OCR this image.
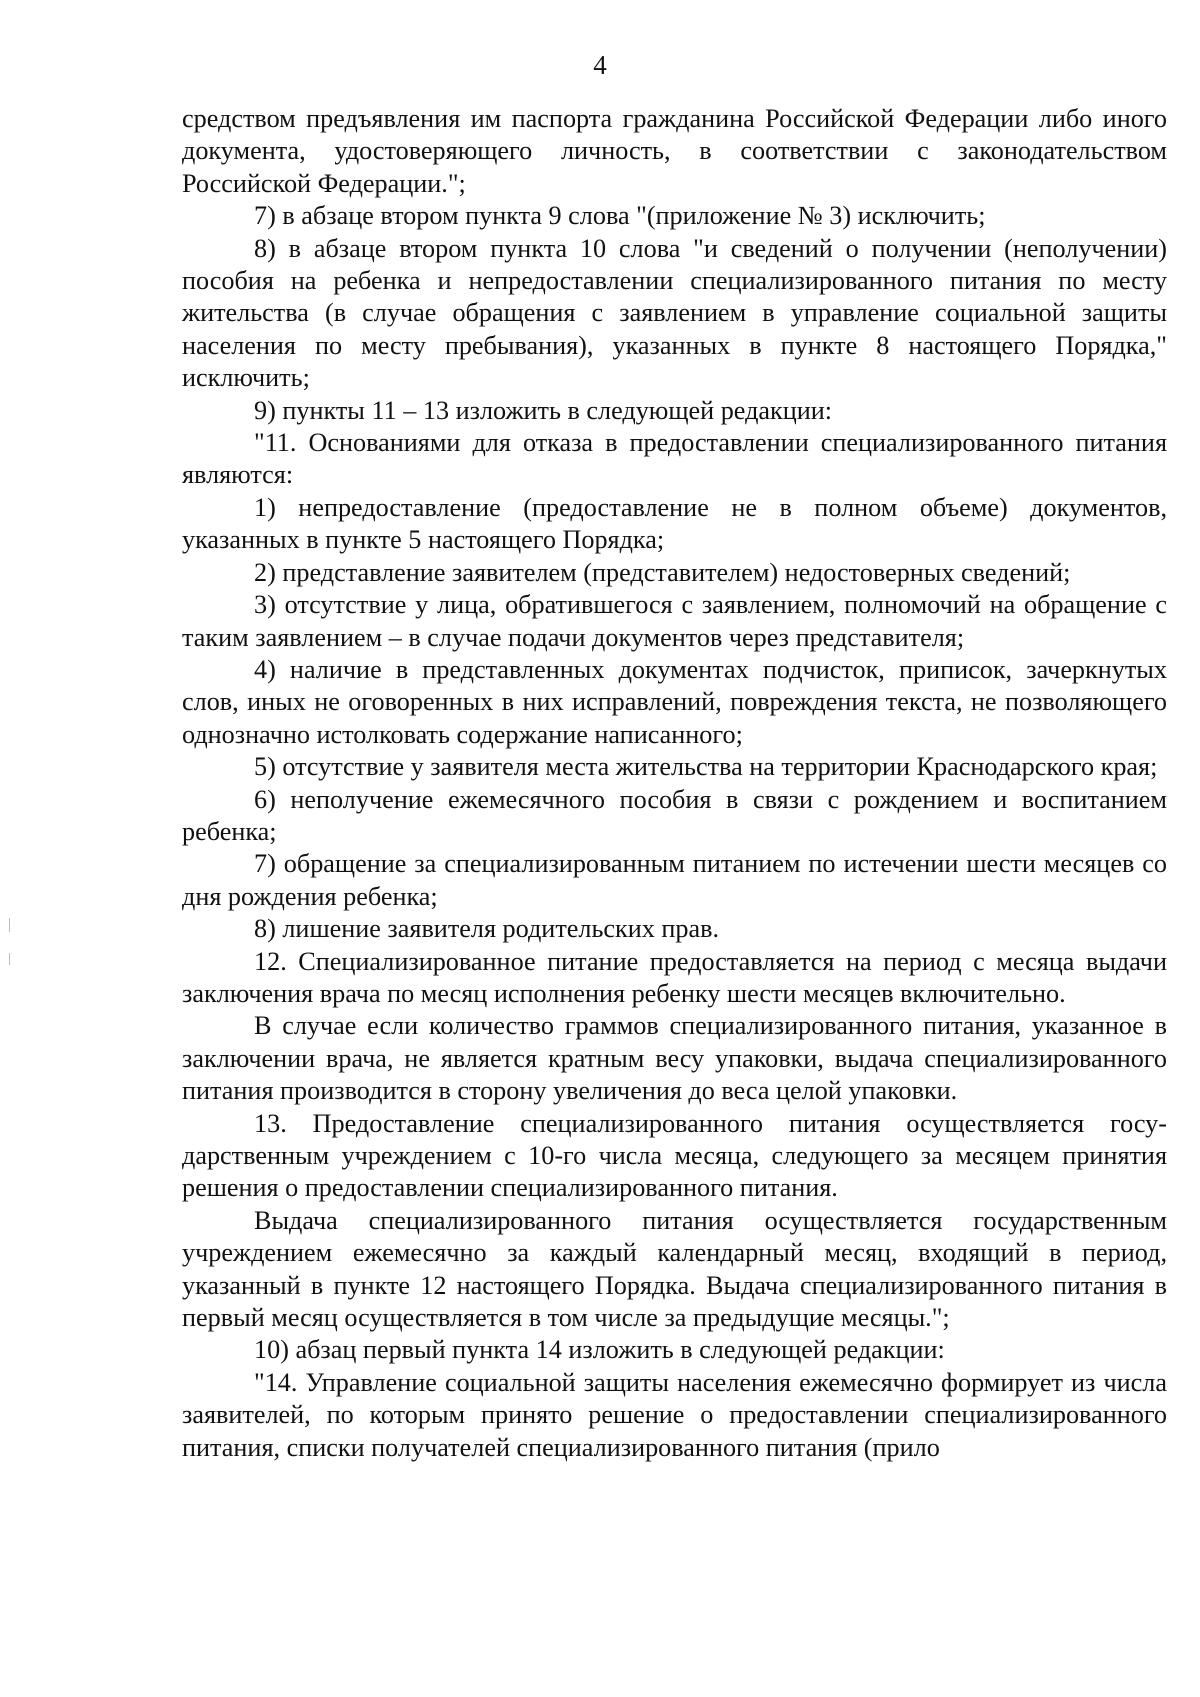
4

средством предъявления им паспорта гражданина Российской Федерации либо иного документа, удостоверяющего личность, в соответствии с законодательством Российской Федерации.";

7) в абзаце втором пункта 9 слова "(приложение № 3) исключить;

8) в абзаце втором пункта 10 слова "и сведений о получении (неполучении) пособия на ребенка и непредоставлении специализированного питания по месту жительства (в случае обращения с заявлением в управление социальной защиты населения по месту пребывания), указанных в пункте 8 настоящего Порядка," исключить;

9) пункты 11 – 13 изложить в следующей редакции:

"11. Основаниями для отказа в предоставлении специализированного питания являются:

1) непредоставление (предоставление не в полном объеме) документов, указанных в пункте 5 настоящего Порядка;

2) представление заявителем (представителем) недостоверных сведений;

3) отсутствие у лица, обратившегося с заявлением, полномочий на обращение с таким заявлением – в случае подачи документов через представителя;

4) наличие в представленных документах подчисток, приписок, зачеркнутых слов, иных не оговоренных в них исправлений, повреждения текста, не позволяющего однозначно истолковать содержание написанного;

5) отсутствие у заявителя места жительства на территории Краснодарского края;

6) неполучение ежемесячного пособия в связи с рождением и воспитанием ребенка;

7) обращение за специализированным питанием по истечении шести месяцев со дня рождения ребенка;

8) лишение заявителя родительских прав.

12. Специализированное питание предоставляется на период с месяца выдачи заключения врача по месяц исполнения ребенку шести месяцев включительно.

В случае если количество граммов специализированного питания, указанное в заключении врача, не является кратным весу упаковки, выдача специализированного питания производится в сторону увеличения до веса целой упаковки.

13. Предоставление специализированного питания осуществляется государственным учреждением с 10-го числа месяца, следующего за месяцем принятия решения о предоставлении специализированного питания.

Выдача специализированного питания осуществляется государственным учреждением ежемесячно за каждый календарный месяц, входящий в период, указанный в пункте 12 настоящего Порядка. Выдача специализированного питания в первый месяц осуществляется в том числе за предыдущие месяцы.";

10) абзац первый пункта 14 изложить в следующей редакции:

"14. Управление социальной защиты населения ежемесячно формирует из числа заявителей, по которым принято решение о предоставлении специализированного питания, списки получателей специализированного питания (прило
